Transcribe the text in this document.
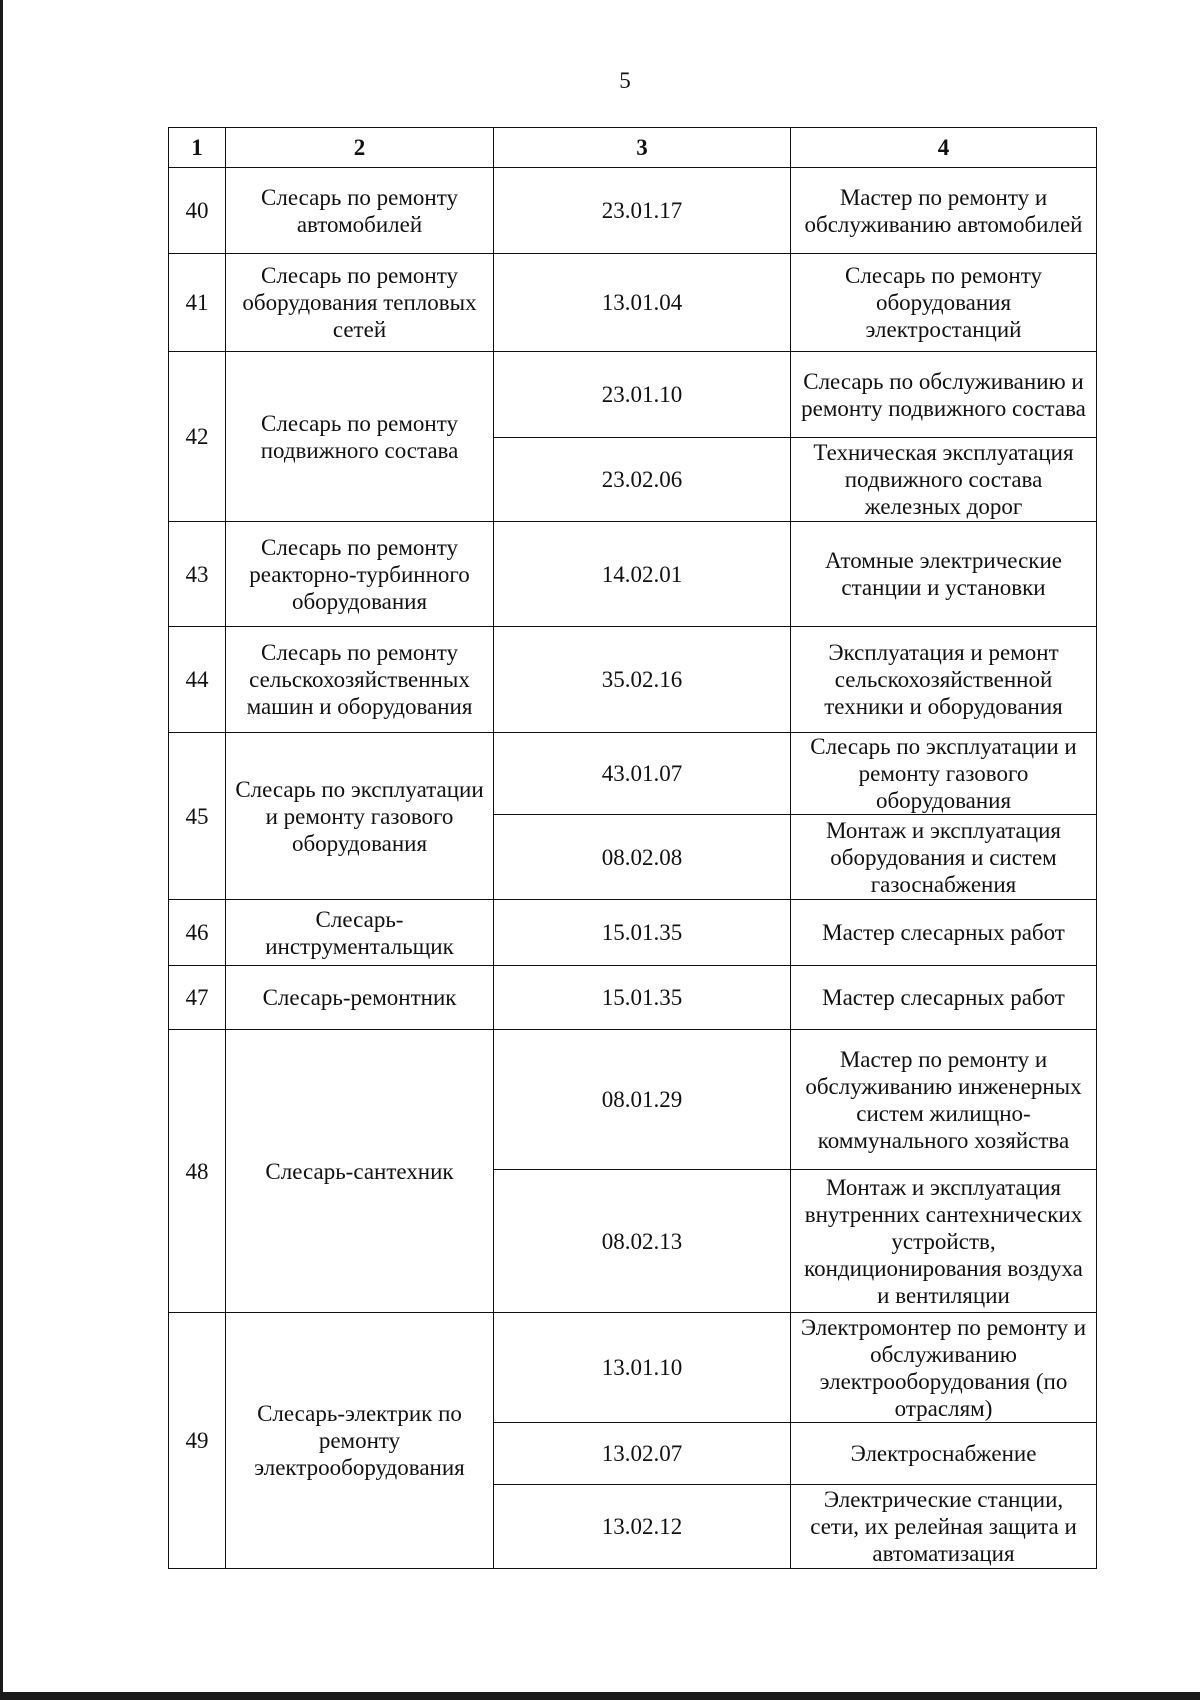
5
1	2	3	4
40	Слесарь по ремонту автомобилей	23.01.17	Мастер по ремонту и обслуживанию автомобилей
41	Слесарь по ремонту оборудования тепловых сетей	13.01.04	Слесарь по ремонту оборудования электростанций
42	Слесарь по ремонту подвижного состава	23.01.10	Слесарь по обслуживанию и ремонту подвижного состава
		23.02.06	Техническая эксплуатация подвижного состава железных дорог
43	Слесарь по ремонту реакторно-турбинного оборудования	14.02.01	Атомные электрические станции и установки
44	Слесарь по ремонту сельскохозяйственных машин и оборудования	35.02.16	Эксплуатация и ремонт сельскохозяйственной техники и оборудования
45	Слесарь по эксплуатации и ремонту газового оборудования	43.01.07	Слесарь по эксплуатации и ремонту газового оборудования
		08.02.08	Монтаж и эксплуатация оборудования и систем газоснабжения
46	Слесарь-инструментальщик	15.01.35	Мастер слесарных работ
47	Слесарь-ремонтник	15.01.35	Мастер слесарных работ
48	Слесарь-сантехник	08.01.29	Мастер по ремонту и обслуживанию инженерных систем жилищно-коммунального хозяйства
		08.02.13	Монтаж и эксплуатация внутренних сантехнических устройств, кондиционирования воздуха и вентиляции
49	Слесарь-электрик по ремонту электрооборудования	13.01.10	Электромонтер по ремонту и обслуживанию электрооборудования (по отраслям)
		13.02.07	Электроснабжение
		13.02.12	Электрические станции, сети, их релейная защита и автоматизация
